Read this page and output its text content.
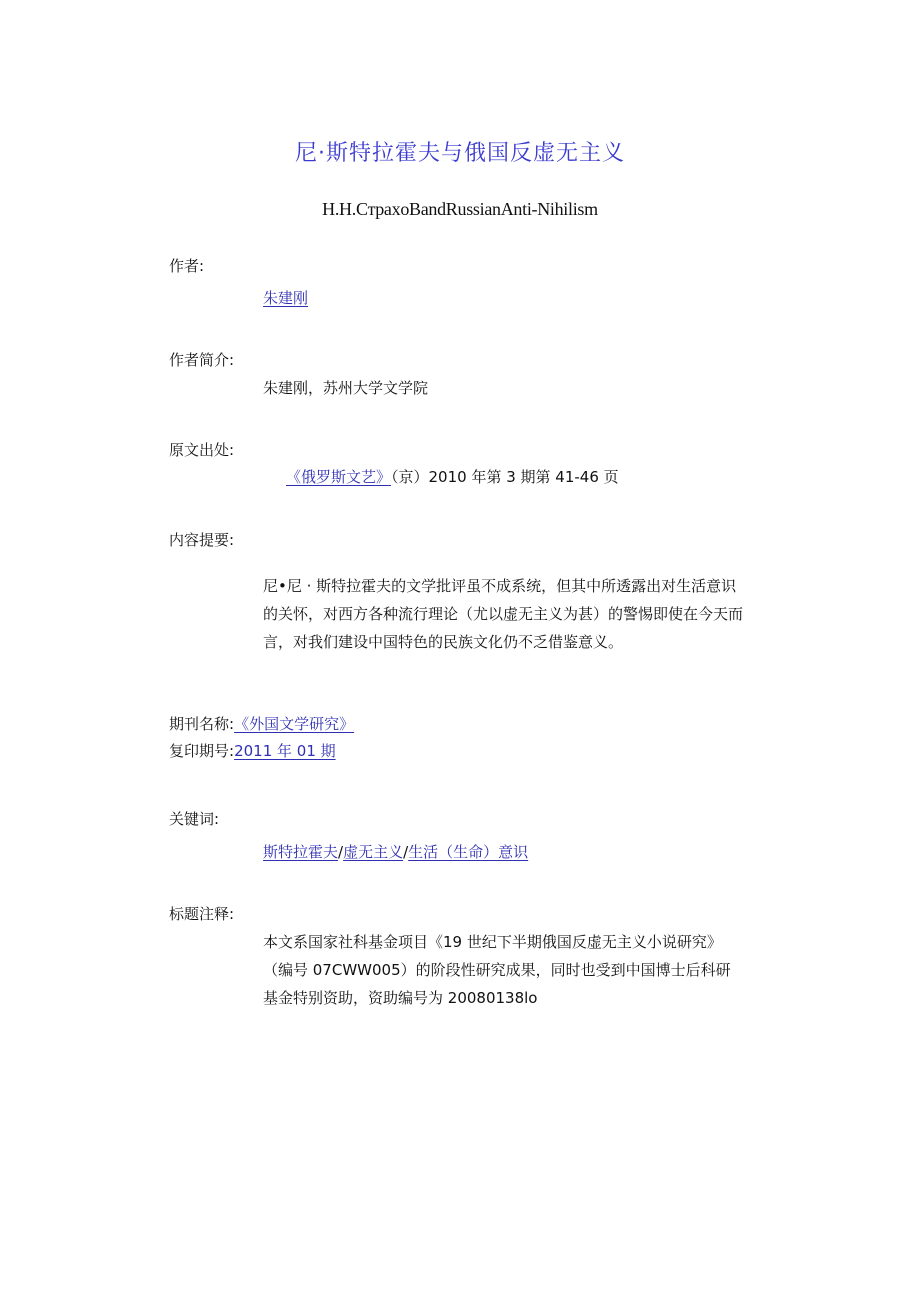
尼·斯特拉霍夫与俄国反虚无主义
H.H.CтpaxoBandRussianAnti-Nihilism
作者:
朱建刚
作者简介:
朱建刚，苏州大学文学院
原文出处:
《俄罗斯文艺》（京）2010 年第 3 期第 41-46 页
内容提要:
尼•尼 · 斯特拉霍夫的文学批评虽不成系统，但其中所透露出对生活意识
的关怀，对西方各种流行理论（尤以虚无主义为甚）的警惕即使在今天而
言，对我们建设中国特色的民族文化仍不乏借鉴意义。
期刊名称:《外国文学研究》
复印期号:2011 年 01 期
关键词:
斯特拉霍夫/虚无主义/生活（生命）意识
标题注释:
本文系国家社科基金项目《19 世纪下半期俄国反虚无主义小说研究》
（编号 07CWW005）的阶段性研究成果，同时也受到中国博士后科研
基金特别资助，资助编号为 20080138lo
